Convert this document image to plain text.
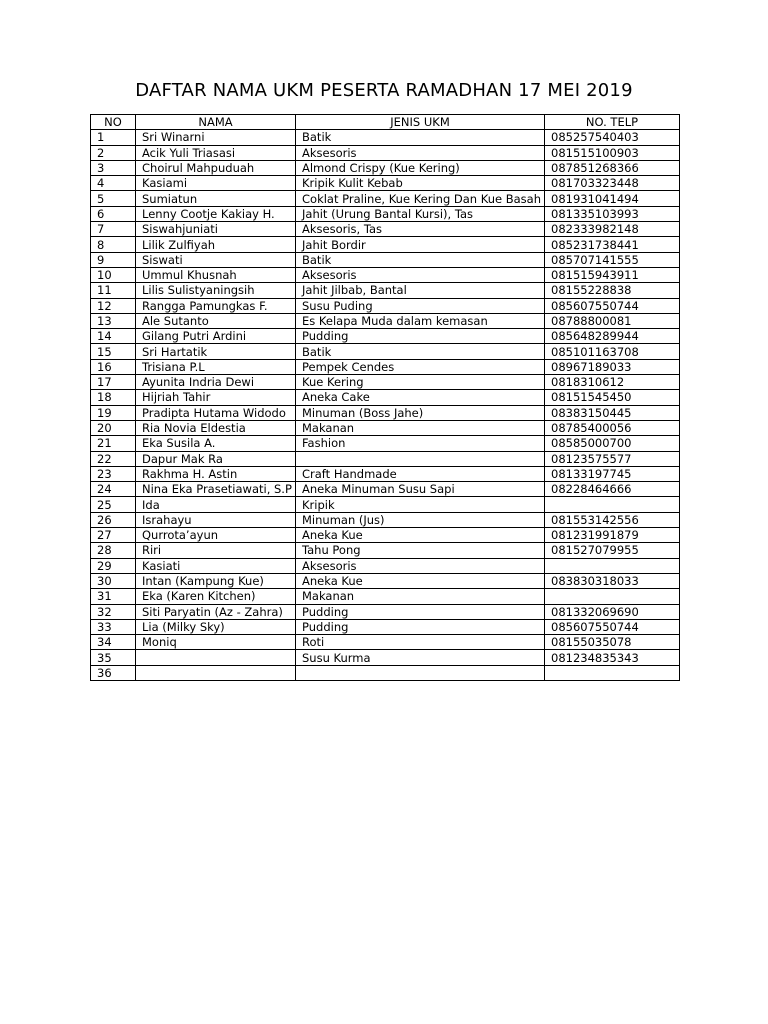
DAFTAR NAMA UKM PESERTA RAMADHAN 17 MEI 2019
NO	NAMA	JENIS UKM	NO. TELP
1	Sri Winarni	Batik	085257540403
2	Acik Yuli Triasasi	Aksesoris	081515100903
3	Choirul Mahpuduah	Almond Crispy (Kue Kering)	087851268366
4	Kasiami	Kripik Kulit Kebab	081703323448
5	Sumiatun	Coklat Praline, Kue Kering Dan Kue Basah	081931041494
6	Lenny Cootje Kakiay H.	Jahit (Urung Bantal Kursi), Tas	081335103993
7	Siswahjuniati	Aksesoris, Tas	082333982148
8	Lilik Zulfiyah	Jahit Bordir	085231738441
9	Siswati	Batik	085707141555
10	Ummul Khusnah	Aksesoris	081515943911
11	Lilis Sulistyaningsih	Jahit Jilbab, Bantal	08155228838
12	Rangga Pamungkas F.	Susu Puding	085607550744
13	Ale Sutanto	Es Kelapa Muda dalam kemasan	08788800081
14	Gilang Putri Ardini	Pudding	085648289944
15	Sri Hartatik	Batik	085101163708
16	Trisiana P.L	Pempek Cendes	08967189033
17	Ayunita Indria Dewi	Kue Kering	0818310612
18	Hijriah Tahir	Aneka Cake	08151545450
19	Pradipta Hutama Widodo	Minuman (Boss Jahe)	08383150445
20	Ria Novia Eldestia	Makanan	08785400056
21	Eka Susila A.	Fashion	08585000700
22	Dapur Mak Ra		08123575577
23	Rakhma H. Astin	Craft Handmade	08133197745
24	Nina Eka Prasetiawati, S.P	Aneka Minuman Susu Sapi	08228464666
25	Ida	Kripik	
26	Israhayu	Minuman (Jus)	081553142556
27	Qurrota’ayun	Aneka Kue	081231991879
28	Riri	Tahu Pong	081527079955
29	Kasiati	Aksesoris	
30	Intan (Kampung Kue)	Aneka Kue	083830318033
31	Eka (Karen Kitchen)	Makanan	
32	Siti Paryatin (Az - Zahra)	Pudding	081332069690
33	Lia (Milky Sky)	Pudding	085607550744
34	Moniq	Roti	08155035078
35		Susu Kurma	081234835343
36			
